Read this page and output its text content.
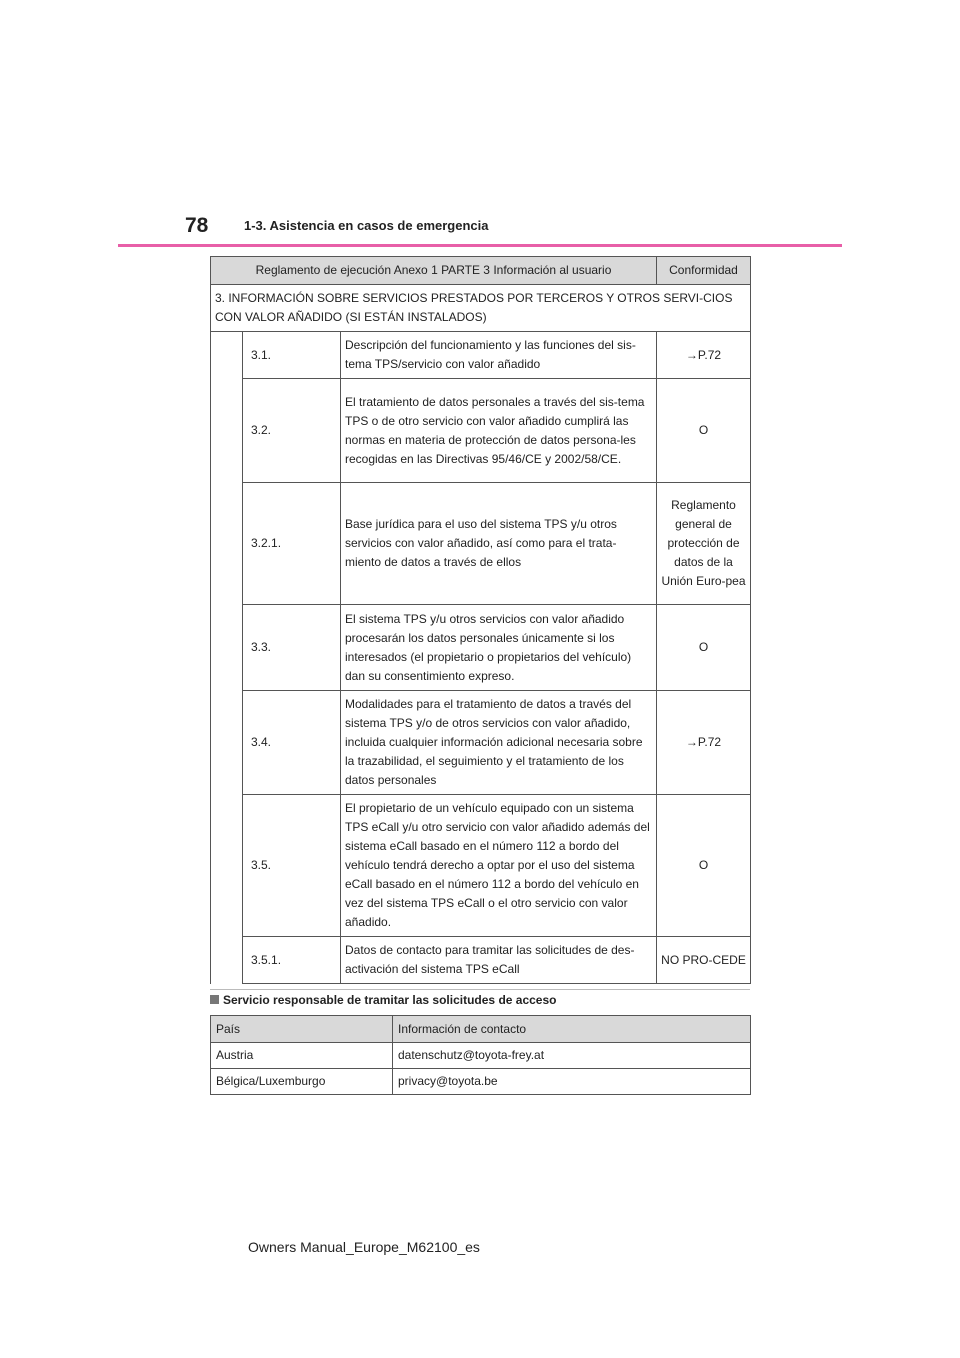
78	1-3. Asistencia en casos de emergencia
Reglamento de ejecución Anexo 1 PARTE 3 Información al usuario			Conformidad
3. INFORMACIÓN SOBRE SERVICIOS PRESTADOS POR TERCEROS Y OTROS SERVI-CIOS CON VALOR AÑADIDO (SI ESTÁN INSTALADOS)			
	3.1.	Descripción del funcionamiento y las funciones del sis-tema TPS/servicio con valor añadido	→P.72
	3.2.	El tratamiento de datos personales a través del sis-tema TPS o de otro servicio con valor añadido cumplirá las normas en materia de protección de datos persona-les recogidas en las Directivas 95/46/CE y 2002/58/CE.	O
	3.2.1.	Base jurídica para el uso del sistema TPS y/u otros servicios con valor añadido, así como para el trata-miento de datos a través de ellos	Reglamento general de protección de datos de la Unión Euro-pea
	3.3.	El sistema TPS y/u otros servicios con valor añadido procesarán los datos personales únicamente si los interesados (el propietario o propietarios del vehículo) dan su consentimiento expreso.	O
	3.4.	Modalidades para el tratamiento de datos a través del sistema TPS y/o de otros servicios con valor añadido, incluida cualquier información adicional necesaria sobre la trazabilidad, el seguimiento y el tratamiento de los datos personales	→P.72
	3.5.	El propietario de un vehículo equipado con un sistema TPS eCall y/u otro servicio con valor añadido además del sistema eCall basado en el número 112 a bordo del vehículo tendrá derecho a optar por el uso del sistema eCall basado en el número 112 a bordo del vehículo en vez del sistema TPS eCall o el otro servicio con valor añadido.	O
	3.5.1.	Datos de contacto para tramitar las solicitudes de des-activación del sistema TPS eCall	NO PRO-CEDE
Servicio responsable de tramitar las solicitudes de acceso
País	Información de contacto
Austria	datenschutz@toyota-frey.at
Bélgica/Luxemburgo	privacy@toyota.be
Owners Manual_Europe_M62100_es
